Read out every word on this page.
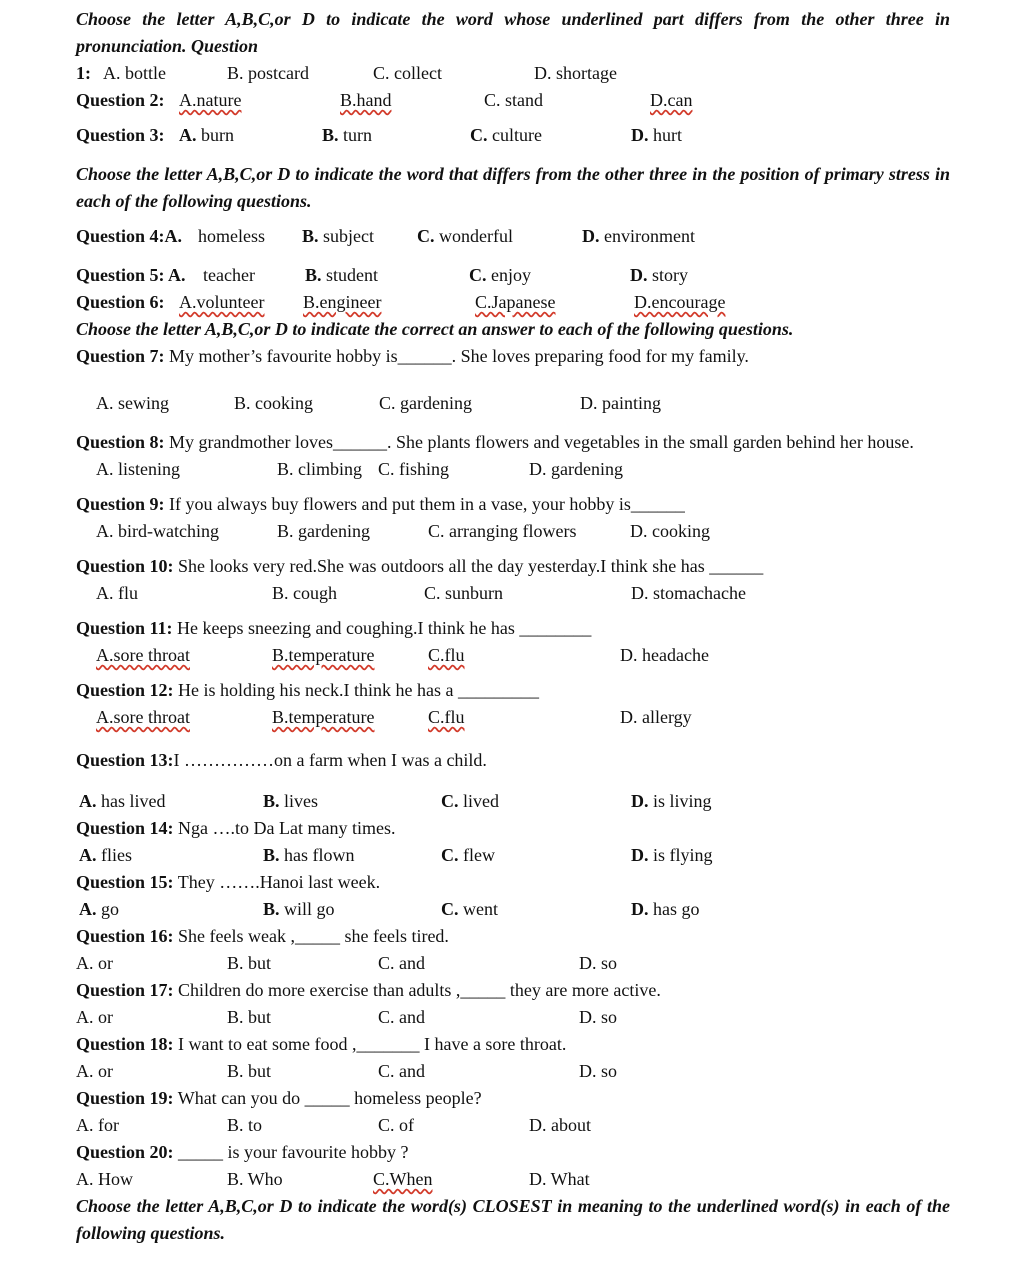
Choose the letter A,B,C,or D to indicate the word whose underlined part differs from the other three in pronunciation. Question
1: A. bottle	B. postcard	C. collect	D. shortage
Question 2: A.nature	B.hand	C. stand	D.can
Question 3: A. burn	B. turn	C. culture	D. hurt
Choose the letter A,B,C,or D to indicate the word that differs from the other three in the position of primary stress in each of the following questions.
Question 4:A. homeless	B. subject	C. wonderful	D. environment
Question 5: A. teacher	B. student	C. enjoy	D. story
Question 6: A.volunteer	B.engineer	C.Japanese	D.encourage
Choose the letter A,B,C,or D to indicate the correct an answer to each of the following questions.
Question 7: My mother’s favourite hobby is______. She loves preparing food for my family.
A. sewing	B. cooking	C. gardening	D. painting
Question 8: My grandmother loves______. She plants flowers and vegetables in the small garden behind her house.
A. listening	B. climbing C. fishing	D. gardening
Question 9: If you always buy flowers and put them in a vase, your hobby is______
A. bird-watching	B. gardening	C. arranging flowers	D. cooking
Question 10: She looks very red.She was outdoors all the day yesterday.I think she has ______
A. flu	B. cough	C. sunburn	D. stomachache
Question 11: He keeps sneezing and coughing.I think he has ________
A.sore throat	B.temperature	C.flu	D. headache
Question 12: He is holding his neck.I think he has a _________
A.sore throat	B.temperature	C.flu	D. allergy
Question 13:I ……………on a farm when I was a child.
A. has lived	B. lives	C. lived	D. is living
Question 14: Nga ….to Da Lat many times.
A. flies	B. has flown	C. flew	D. is flying
Question 15: They …….Hanoi last week.
A. go	B. will go	C. went	D. has go
Question 16: She feels weak ,_____ she feels tired.
A. or	B. but	C. and	D. so
Question 17: Children do more exercise than adults ,_____ they are more active.
A. or	B. but	C. and	D. so
Question 18: I want to eat some food ,_______ I have a sore throat.
A. or	B. but	C. and	D. so
Question 19: What can you do _____ homeless people?
A. for	B. to	C. of	D. about
Question 20: _____ is your favourite hobby ?
A. How	B. Who	C.When	D. What
Choose the letter A,B,C,or D to indicate the word(s) CLOSEST in meaning to the underlined word(s) in each of the following questions.
